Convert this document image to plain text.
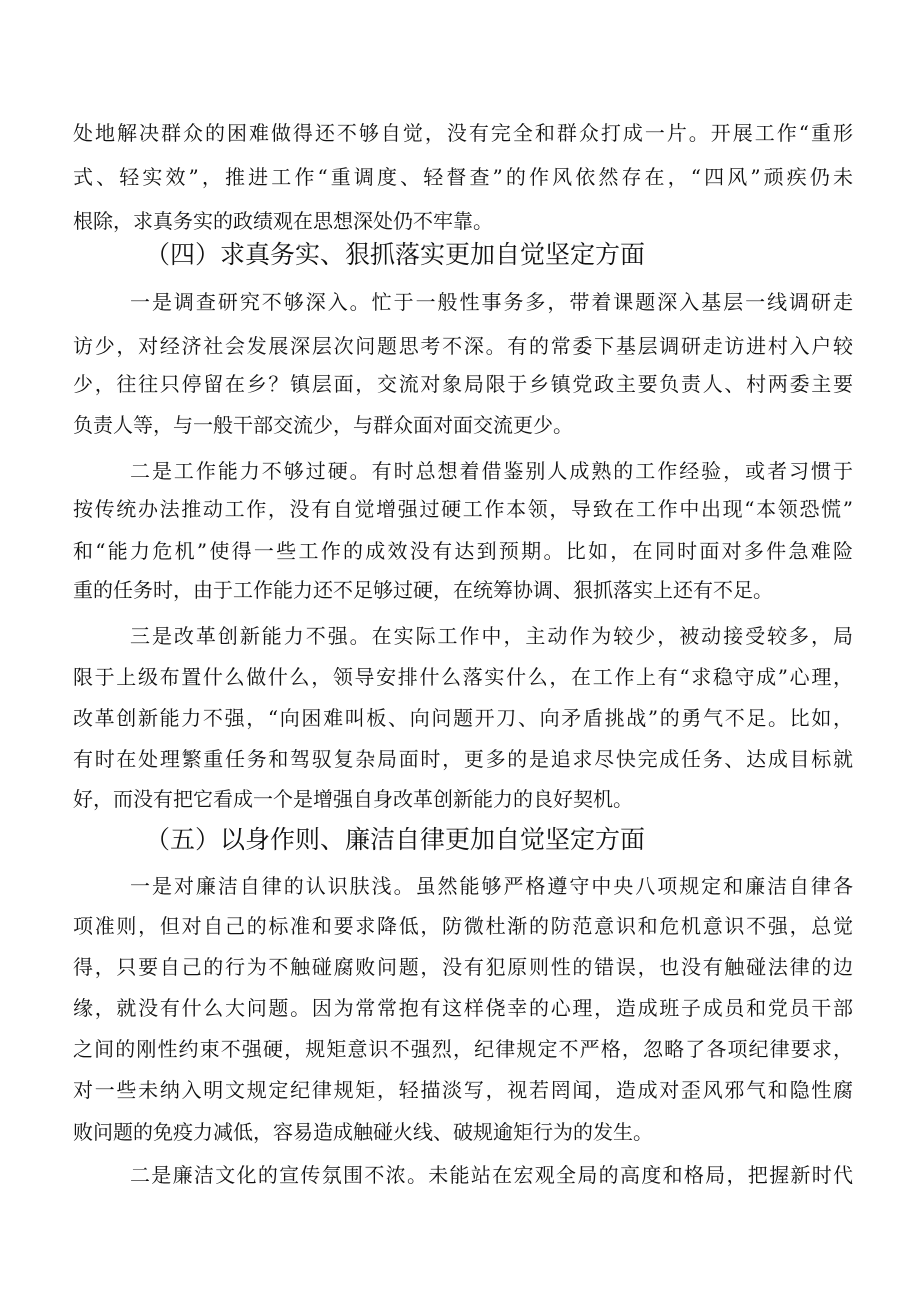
处地解决群众的困难做得还不够自觉，没有完全和群众打成一片。开展工作“重形
式、轻实效”，推进工作“重调度、轻督查”的作风依然存在，“四风”顽疾仍未
根除，求真务实的政绩观在思想深处仍不牢靠。
（四）求真务实、狠抓落实更加自觉坚定方面
一是调查研究不够深入。忙于一般性事务多，带着课题深入基层一线调研走
访少，对经济社会发展深层次问题思考不深。有的常委下基层调研走访进村入户较
少，往往只停留在乡？镇层面，交流对象局限于乡镇党政主要负责人、村两委主要
负责人等，与一般干部交流少，与群众面对面交流更少。
二是工作能力不够过硬。有时总想着借鉴别人成熟的工作经验，或者习惯于
按传统办法推动工作，没有自觉增强过硬工作本领，导致在工作中出现“本领恐慌”
和“能力危机”使得一些工作的成效没有达到预期。比如，在同时面对多件急难险
重的任务时，由于工作能力还不足够过硬，在统筹协调、狠抓落实上还有不足。
三是改革创新能力不强。在实际工作中，主动作为较少，被动接受较多，局
限于上级布置什么做什么，领导安排什么落实什么，在工作上有“求稳守成”心理，
改革创新能力不强，“向困难叫板、向问题开刀、向矛盾挑战”的勇气不足。比如，
有时在处理繁重任务和驾驭复杂局面时，更多的是追求尽快完成任务、达成目标就
好，而没有把它看成一个是增强自身改革创新能力的良好契机。
（五）以身作则、廉洁自律更加自觉坚定方面
一是对廉洁自律的认识肤浅。虽然能够严格遵守中央八项规定和廉洁自律各
项准则，但对自己的标准和要求降低，防微杜渐的防范意识和危机意识不强，总觉
得，只要自己的行为不触碰腐败问题，没有犯原则性的错误，也没有触碰法律的边
缘，就没有什么大问题。因为常常抱有这样侥幸的心理，造成班子成员和党员干部
之间的刚性约束不强硬，规矩意识不强烈，纪律规定不严格，忽略了各项纪律要求，
对一些未纳入明文规定纪律规矩，轻描淡写，视若罔闻，造成对歪风邪气和隐性腐
败问题的免疫力减低，容易造成触碰火线、破规逾矩行为的发生。
二是廉洁文化的宣传氛围不浓。未能站在宏观全局的高度和格局，把握新时代
